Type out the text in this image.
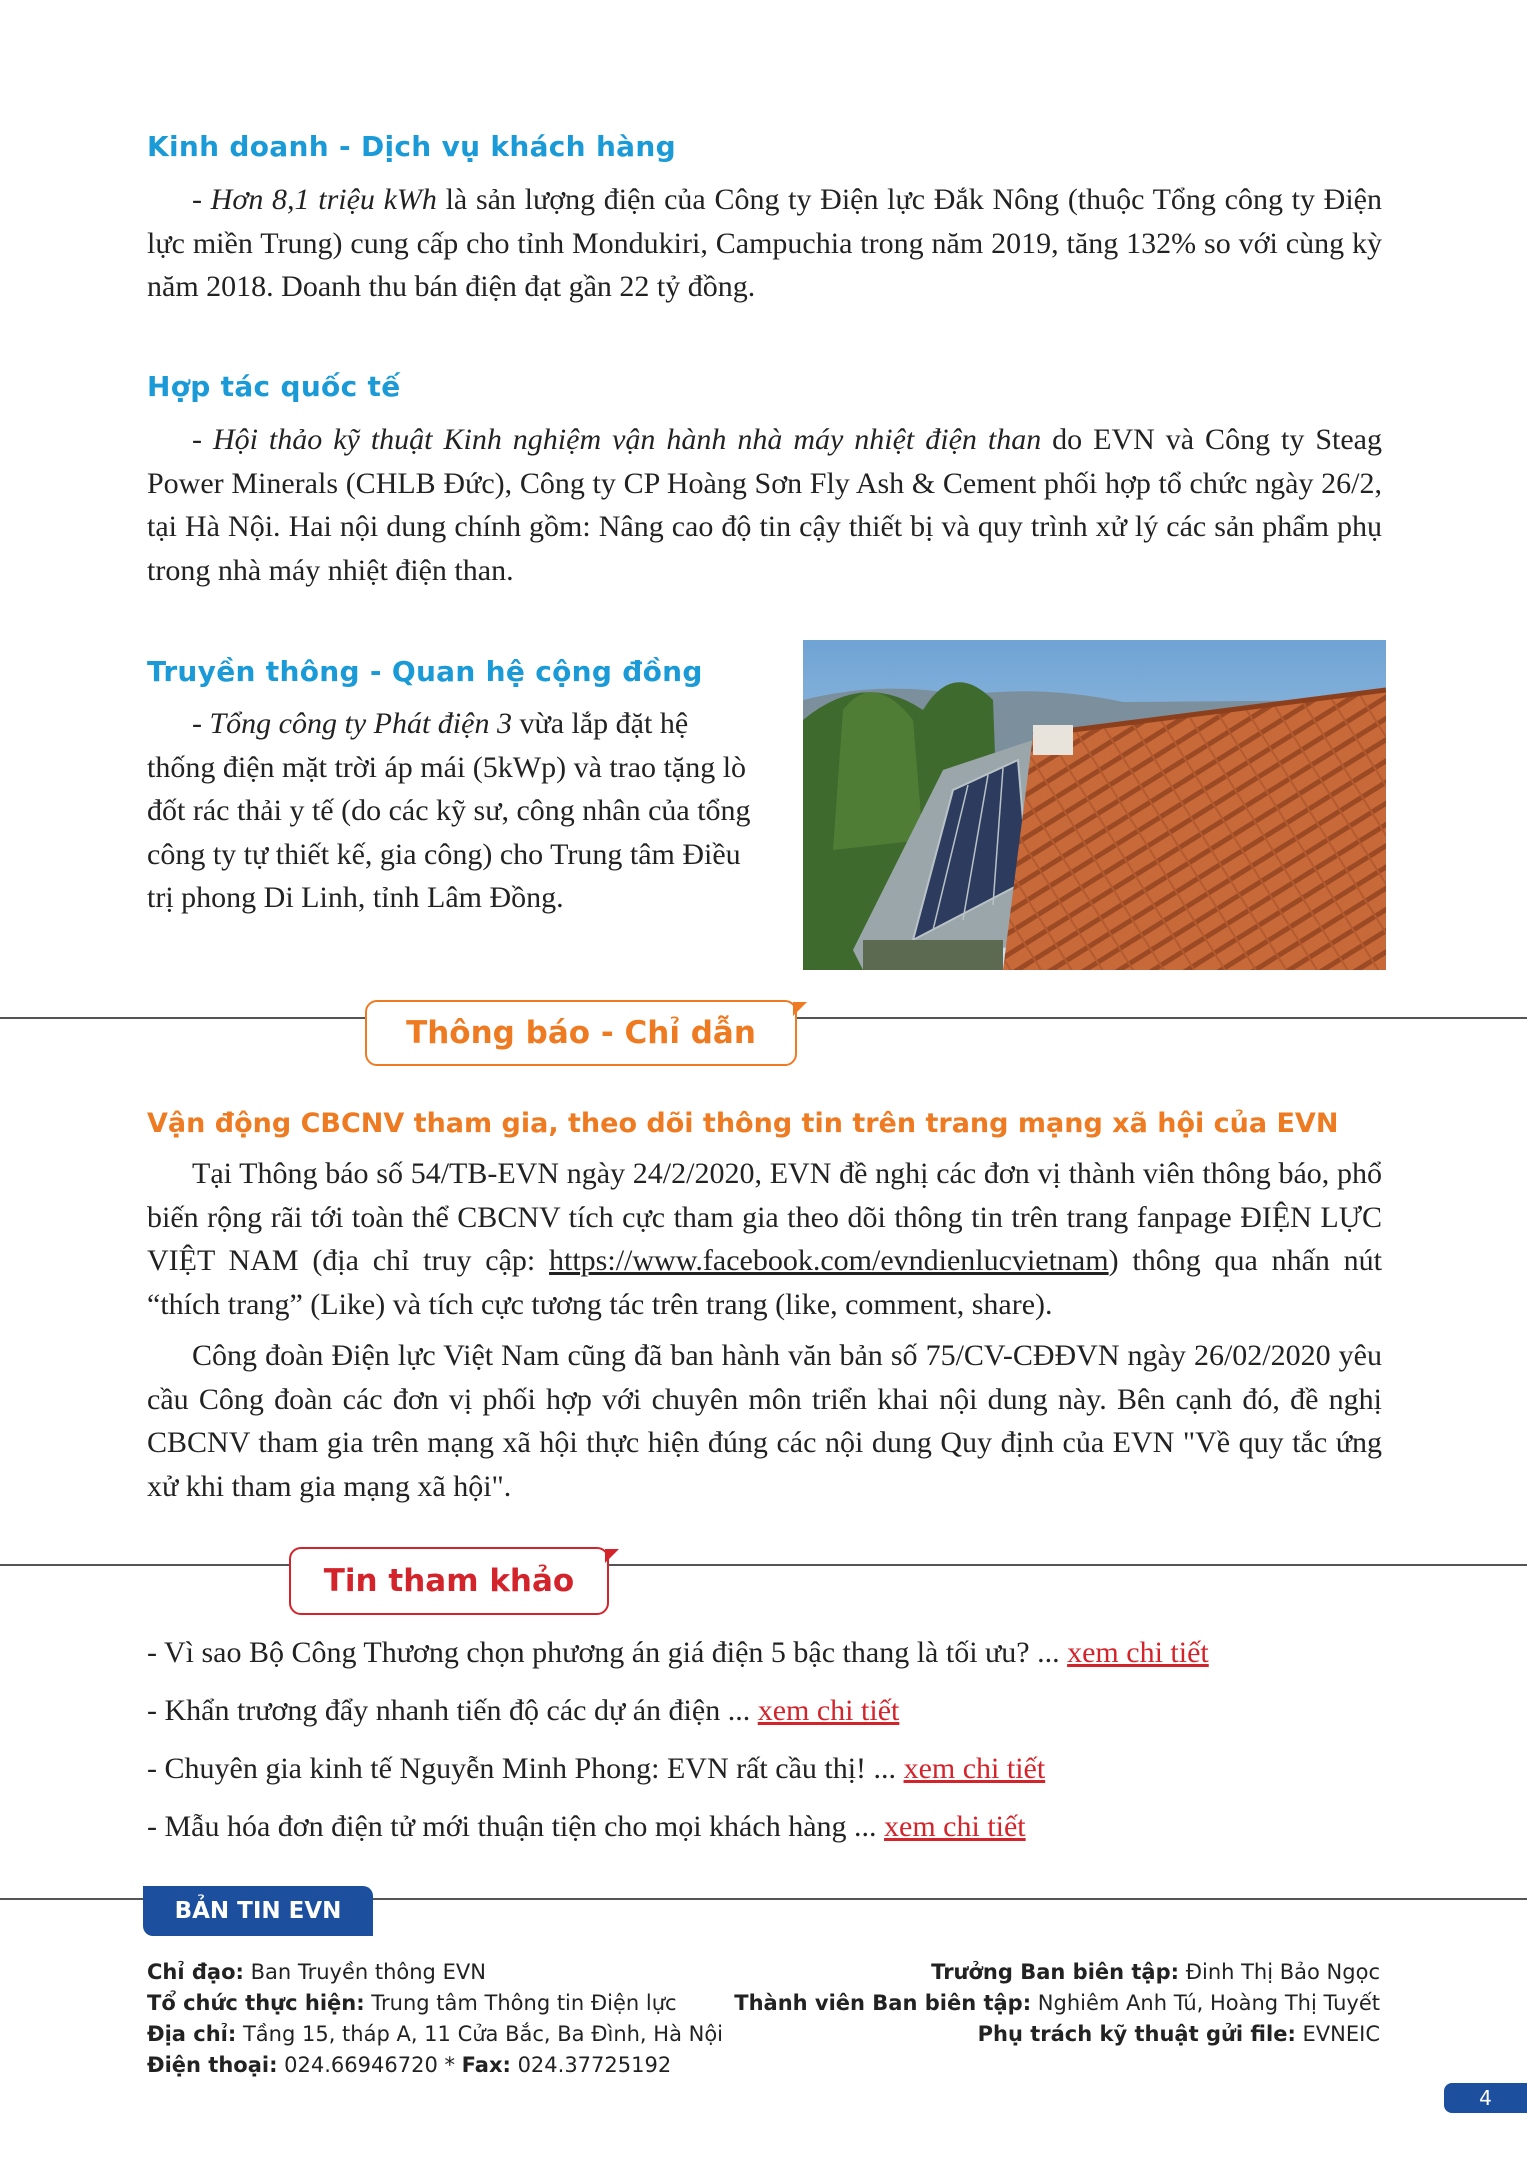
Kinh doanh - Dịch vụ khách hàng

- Hơn 8,1 triệu kWh là sản lượng điện của Công ty Điện lực Đắk Nông (thuộc Tổng công ty Điện lực miền Trung) cung cấp cho tỉnh Mondukiri, Campuchia trong năm 2019, tăng 132% so với cùng kỳ năm 2018. Doanh thu bán điện đạt gần 22 tỷ đồng.

Hợp tác quốc tế

- Hội thảo kỹ thuật Kinh nghiệm vận hành nhà máy nhiệt điện than do EVN và Công ty Steag Power Minerals (CHLB Đức), Công ty CP Hoàng Sơn Fly Ash & Cement phối hợp tổ chức ngày 26/2, tại Hà Nội. Hai nội dung chính gồm: Nâng cao độ tin cậy thiết bị và quy trình xử lý các sản phẩm phụ trong nhà máy nhiệt điện than.

Truyền thông - Quan hệ cộng đồng

- Tổng công ty Phát điện 3 vừa lắp đặt hệ thống điện mặt trời áp mái (5kWp) và trao tặng lò đốt rác thải y tế (do các kỹ sư, công nhân của tổng công ty tự thiết kế, gia công) cho Trung tâm Điều trị phong Di Linh, tỉnh Lâm Đồng.

Thông báo - Chỉ dẫn
Vận động CBCNV tham gia, theo dõi thông tin trên trang mạng xã hội của EVN

Tại Thông báo số 54/TB-EVN ngày 24/2/2020, EVN đề nghị các đơn vị thành viên thông báo, phổ biến rộng rãi tới toàn thể CBCNV tích cực tham gia theo dõi thông tin trên trang fanpage ĐIỆN LỰC VIỆT NAM (địa chỉ truy cập: https://www.facebook.com/evndienlucvietnam) thông qua nhấn nút “thích trang” (Like) và tích cực tương tác trên trang (like, comment, share).

Công đoàn Điện lực Việt Nam cũng đã ban hành văn bản số 75/CV-CĐĐVN ngày 26/02/2020 yêu cầu Công đoàn các đơn vị phối hợp với chuyên môn triển khai nội dung này. Bên cạnh đó, đề nghị CBCNV tham gia trên mạng xã hội thực hiện đúng các nội dung Quy định của EVN "Về quy tắc ứng xử khi tham gia mạng xã hội".

Tin tham khảo
- Vì sao Bộ Công Thương chọn phương án giá điện 5 bậc thang là tối ưu? ... xem chi tiết
- Khẩn trương đẩy nhanh tiến độ các dự án điện ... xem chi tiết
- Chuyên gia kinh tế Nguyễn Minh Phong: EVN rất cầu thị! ... xem chi tiết
- Mẫu hóa đơn điện tử mới thuận tiện cho mọi khách hàng ... xem chi tiết
BẢN TIN EVN
Chỉ đạo: Ban Truyền thông EVN
Tổ chức thực hiện: Trung tâm Thông tin Điện lực
Địa chỉ: Tầng 15, tháp A, 11 Cửa Bắc, Ba Đình, Hà Nội
Điện thoại: 024.66946720 * Fax: 024.37725192
Trưởng Ban biên tập: Đinh Thị Bảo Ngọc
Thành viên Ban biên tập: Nghiêm Anh Tú, Hoàng Thị Tuyết
Phụ trách kỹ thuật gửi file: EVNEIC
4
